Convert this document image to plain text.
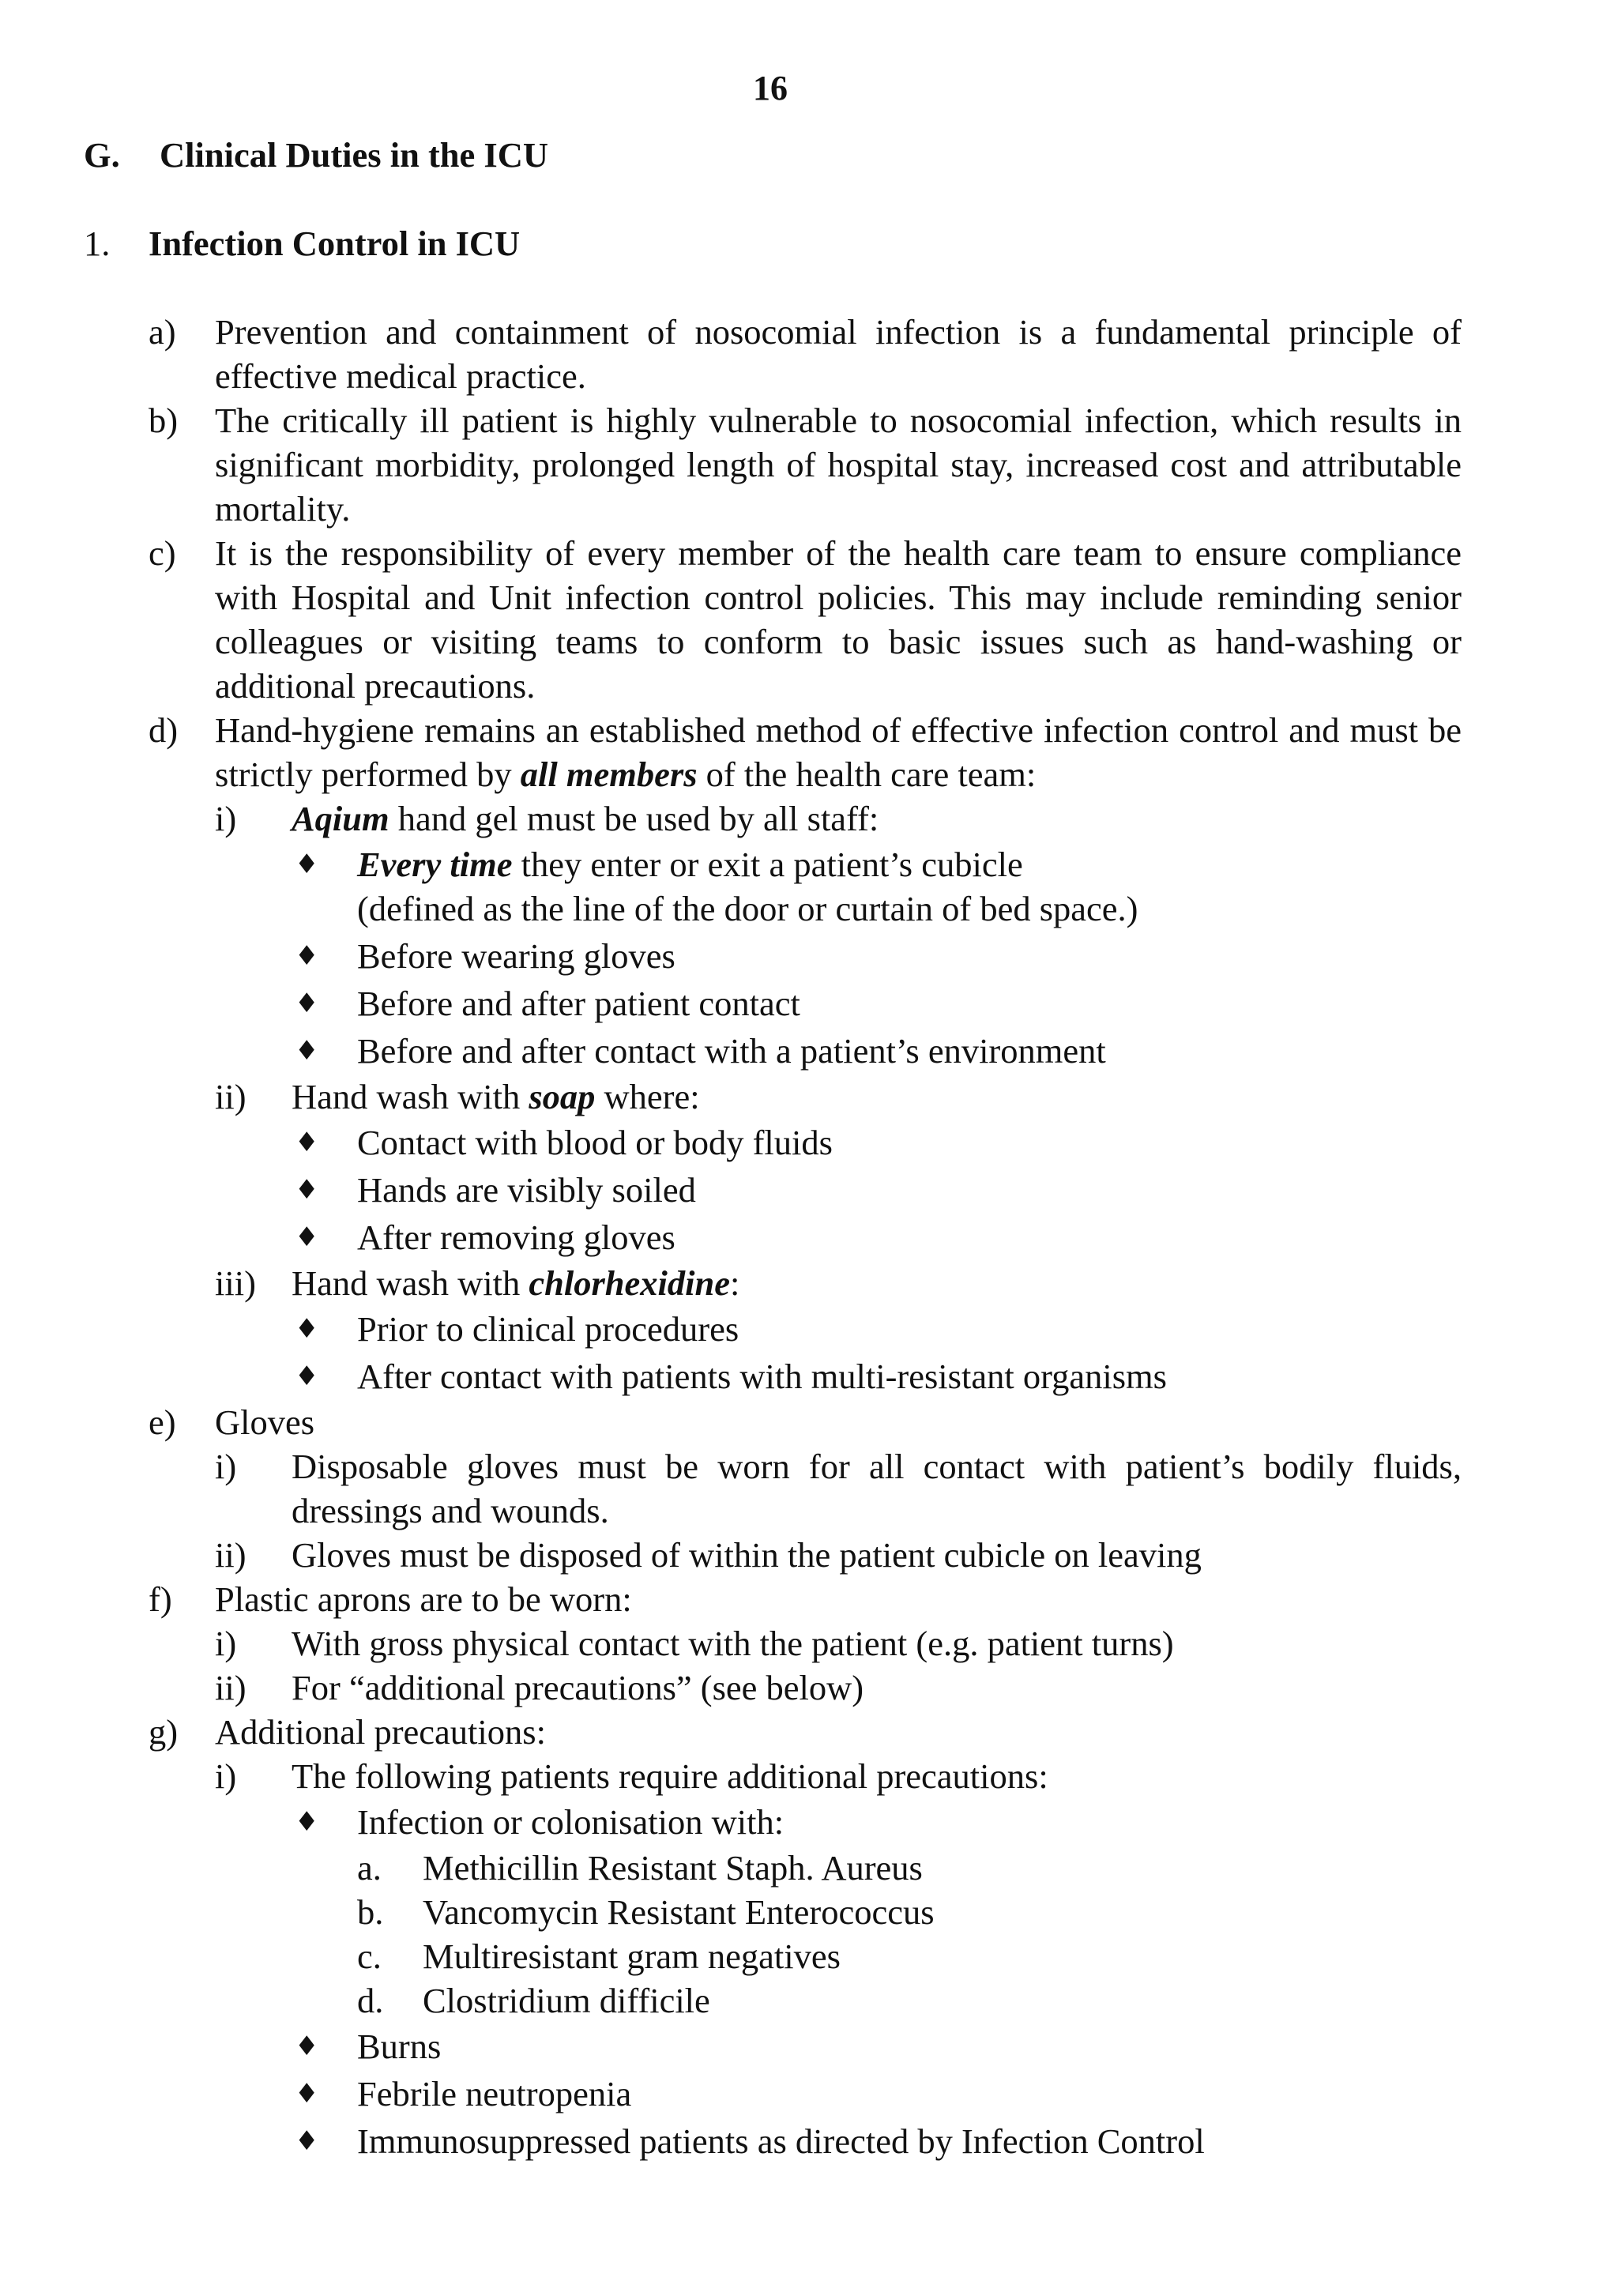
16
G. Clinical Duties in the ICU
1. Infection Control in ICU
a) Prevention and containment of nosocomial infection is a fundamental principle of effective medical practice.
b) The critically ill patient is highly vulnerable to nosocomial infection, which results in significant morbidity, prolonged length of hospital stay, increased cost and attributable mortality.
c) It is the responsibility of every member of the health care team to ensure compliance with Hospital and Unit infection control policies. This may include reminding senior colleagues or visiting teams to conform to basic issues such as hand-washing or additional precautions.
d) Hand-hygiene remains an established method of effective infection control and must be strictly performed by all members of the health care team:
i) Aqium hand gel must be used by all staff:
♦ Every time they enter or exit a patient’s cubicle
(defined as the line of the door or curtain of bed space.)
♦ Before wearing gloves
♦ Before and after patient contact
♦ Before and after contact with a patient’s environment
ii) Hand wash with soap where:
♦ Contact with blood or body fluids
♦ Hands are visibly soiled
♦ After removing gloves
iii) Hand wash with chlorhexidine:
♦ Prior to clinical procedures
♦ After contact with patients with multi-resistant organisms
e) Gloves
i) Disposable gloves must be worn for all contact with patient’s bodily fluids, dressings and wounds.
ii) Gloves must be disposed of within the patient cubicle on leaving
f) Plastic aprons are to be worn:
i) With gross physical contact with the patient (e.g. patient turns)
ii) For “additional precautions” (see below)
g) Additional precautions:
i) The following patients require additional precautions:
♦ Infection or colonisation with:
a. Methicillin Resistant Staph. Aureus
b. Vancomycin Resistant Enterococcus
c. Multiresistant gram negatives
d. Clostridium difficile
♦ Burns
♦ Febrile neutropenia
♦ Immunosuppressed patients as directed by Infection Control
